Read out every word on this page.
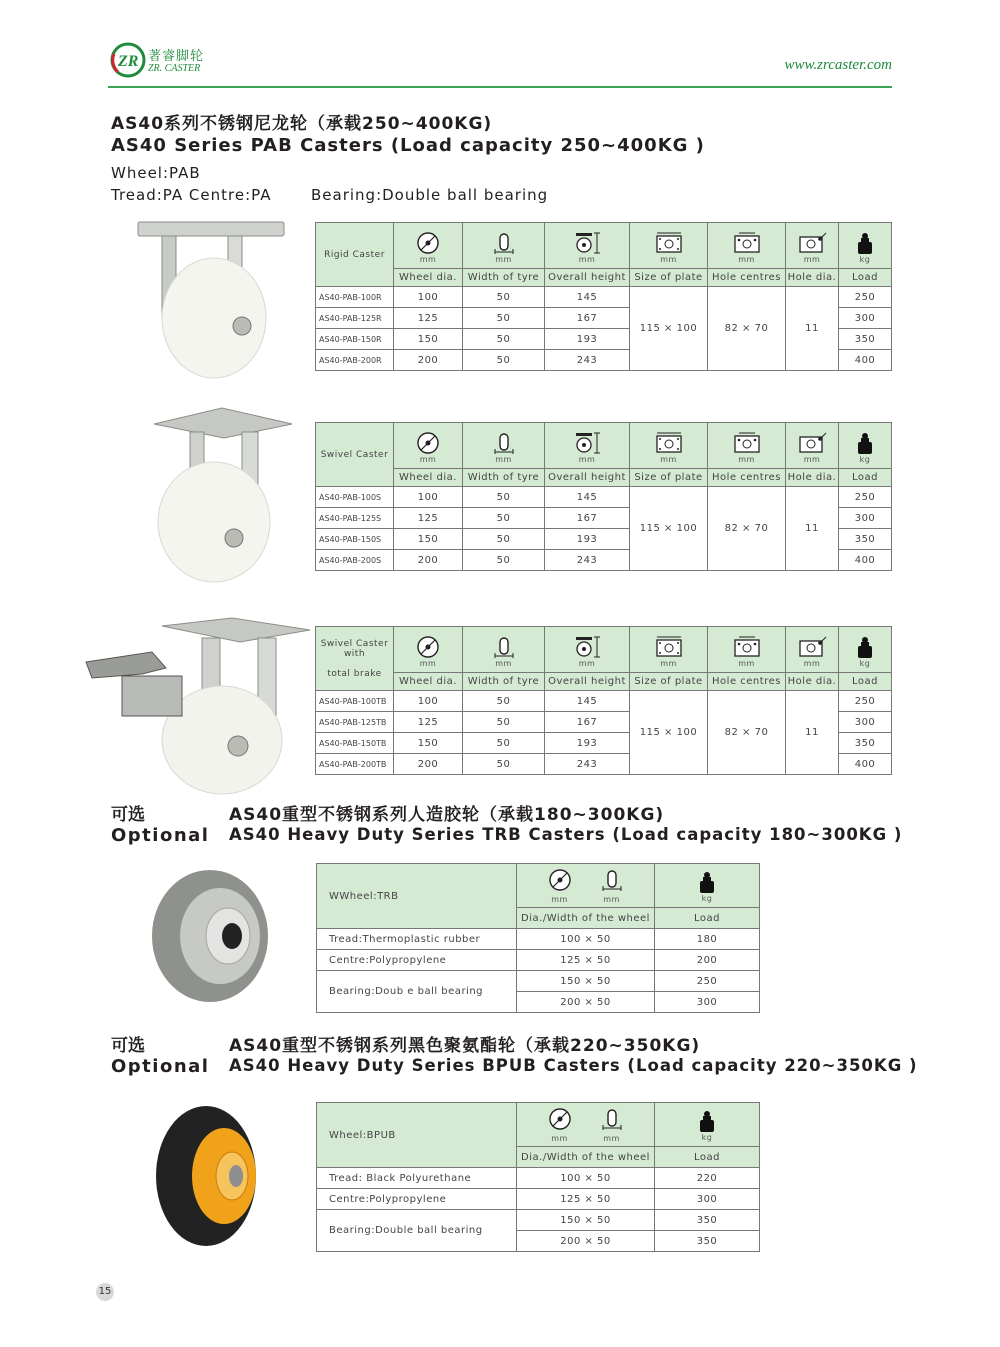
ZR 著睿脚轮
ZR. CASTER	www.zrcaster.com
AS40系列不锈钢尼龙轮（承载250~400KG)
AS40 Series PAB Casters (Load capacity 250~400KG )
Wheel:PAB
Tread:PA Centre:PA	Bearing:Double ball bearing
Rigid Caster	mm	mm	mm	mm	mm	mm	kg

	Wheel dia.	Width of tyre	Overall height	Size of plate	Hole centres	Hole dia.	Load
AS40-PAB-100R	100	50	145	115 × 100	82 × 70	11	250
AS40-PAB-125R	125	50	167				300
AS40-PAB-150R	150	50	193				350
AS40-PAB-200R	200	50	243				400
Swivel Caster	mm	mm	mm	mm	mm	mm	kg

	Wheel dia.	Width of tyre	Overall height	Size of plate	Hole centres	Hole dia.	Load
AS40-PAB-100S	100	50	145	115 × 100	82 × 70	11	250
AS40-PAB-125S	125	50	167				300
AS40-PAB-150S	150	50	193				350
AS40-PAB-200S	200	50	243				400
Swivel Caster with

total brake	mm	mm	mm	mm	mm	mm	kg

	Wheel dia.	Width of tyre	Overall height	Size of plate	Hole centres	Hole dia.	Load
AS40-PAB-100TB	100	50	145	115 × 100	82 × 70	11	250
AS40-PAB-125TB	125	50	167				300
AS40-PAB-150TB	150	50	193				350
AS40-PAB-200TB	200	50	243				400
可选
Optional
AS40重型不锈钢系列人造胶轮（承载180~300KG)
AS40 Heavy Duty Series TRB Casters (Load capacity 180~300KG )
可选
Optional
AS40重型不锈钢系列黑色聚氨酯轮（承载220~350KG)
AS40 Heavy Duty Series BPUB Casters (Load capacity 220~350KG )
WWheel:TRB	mm mm	kg

	Dia./Width of the wheel	Load
Tread:Thermoplastic rubber	100 × 50	180
Centre:Polypropylene	125 × 50	200
Bearing:Doub e ball bearing	150 × 50	250
	200 × 50	300
Wheel:BPUB	mm mm	kg

	Dia./Width of the wheel	Load
Tread: Black Polyurethane	100 × 50	220
Centre:Polypropylene	125 × 50	300
Bearing:Double ball bearing	150 × 50	350
	200 × 50	350
15
